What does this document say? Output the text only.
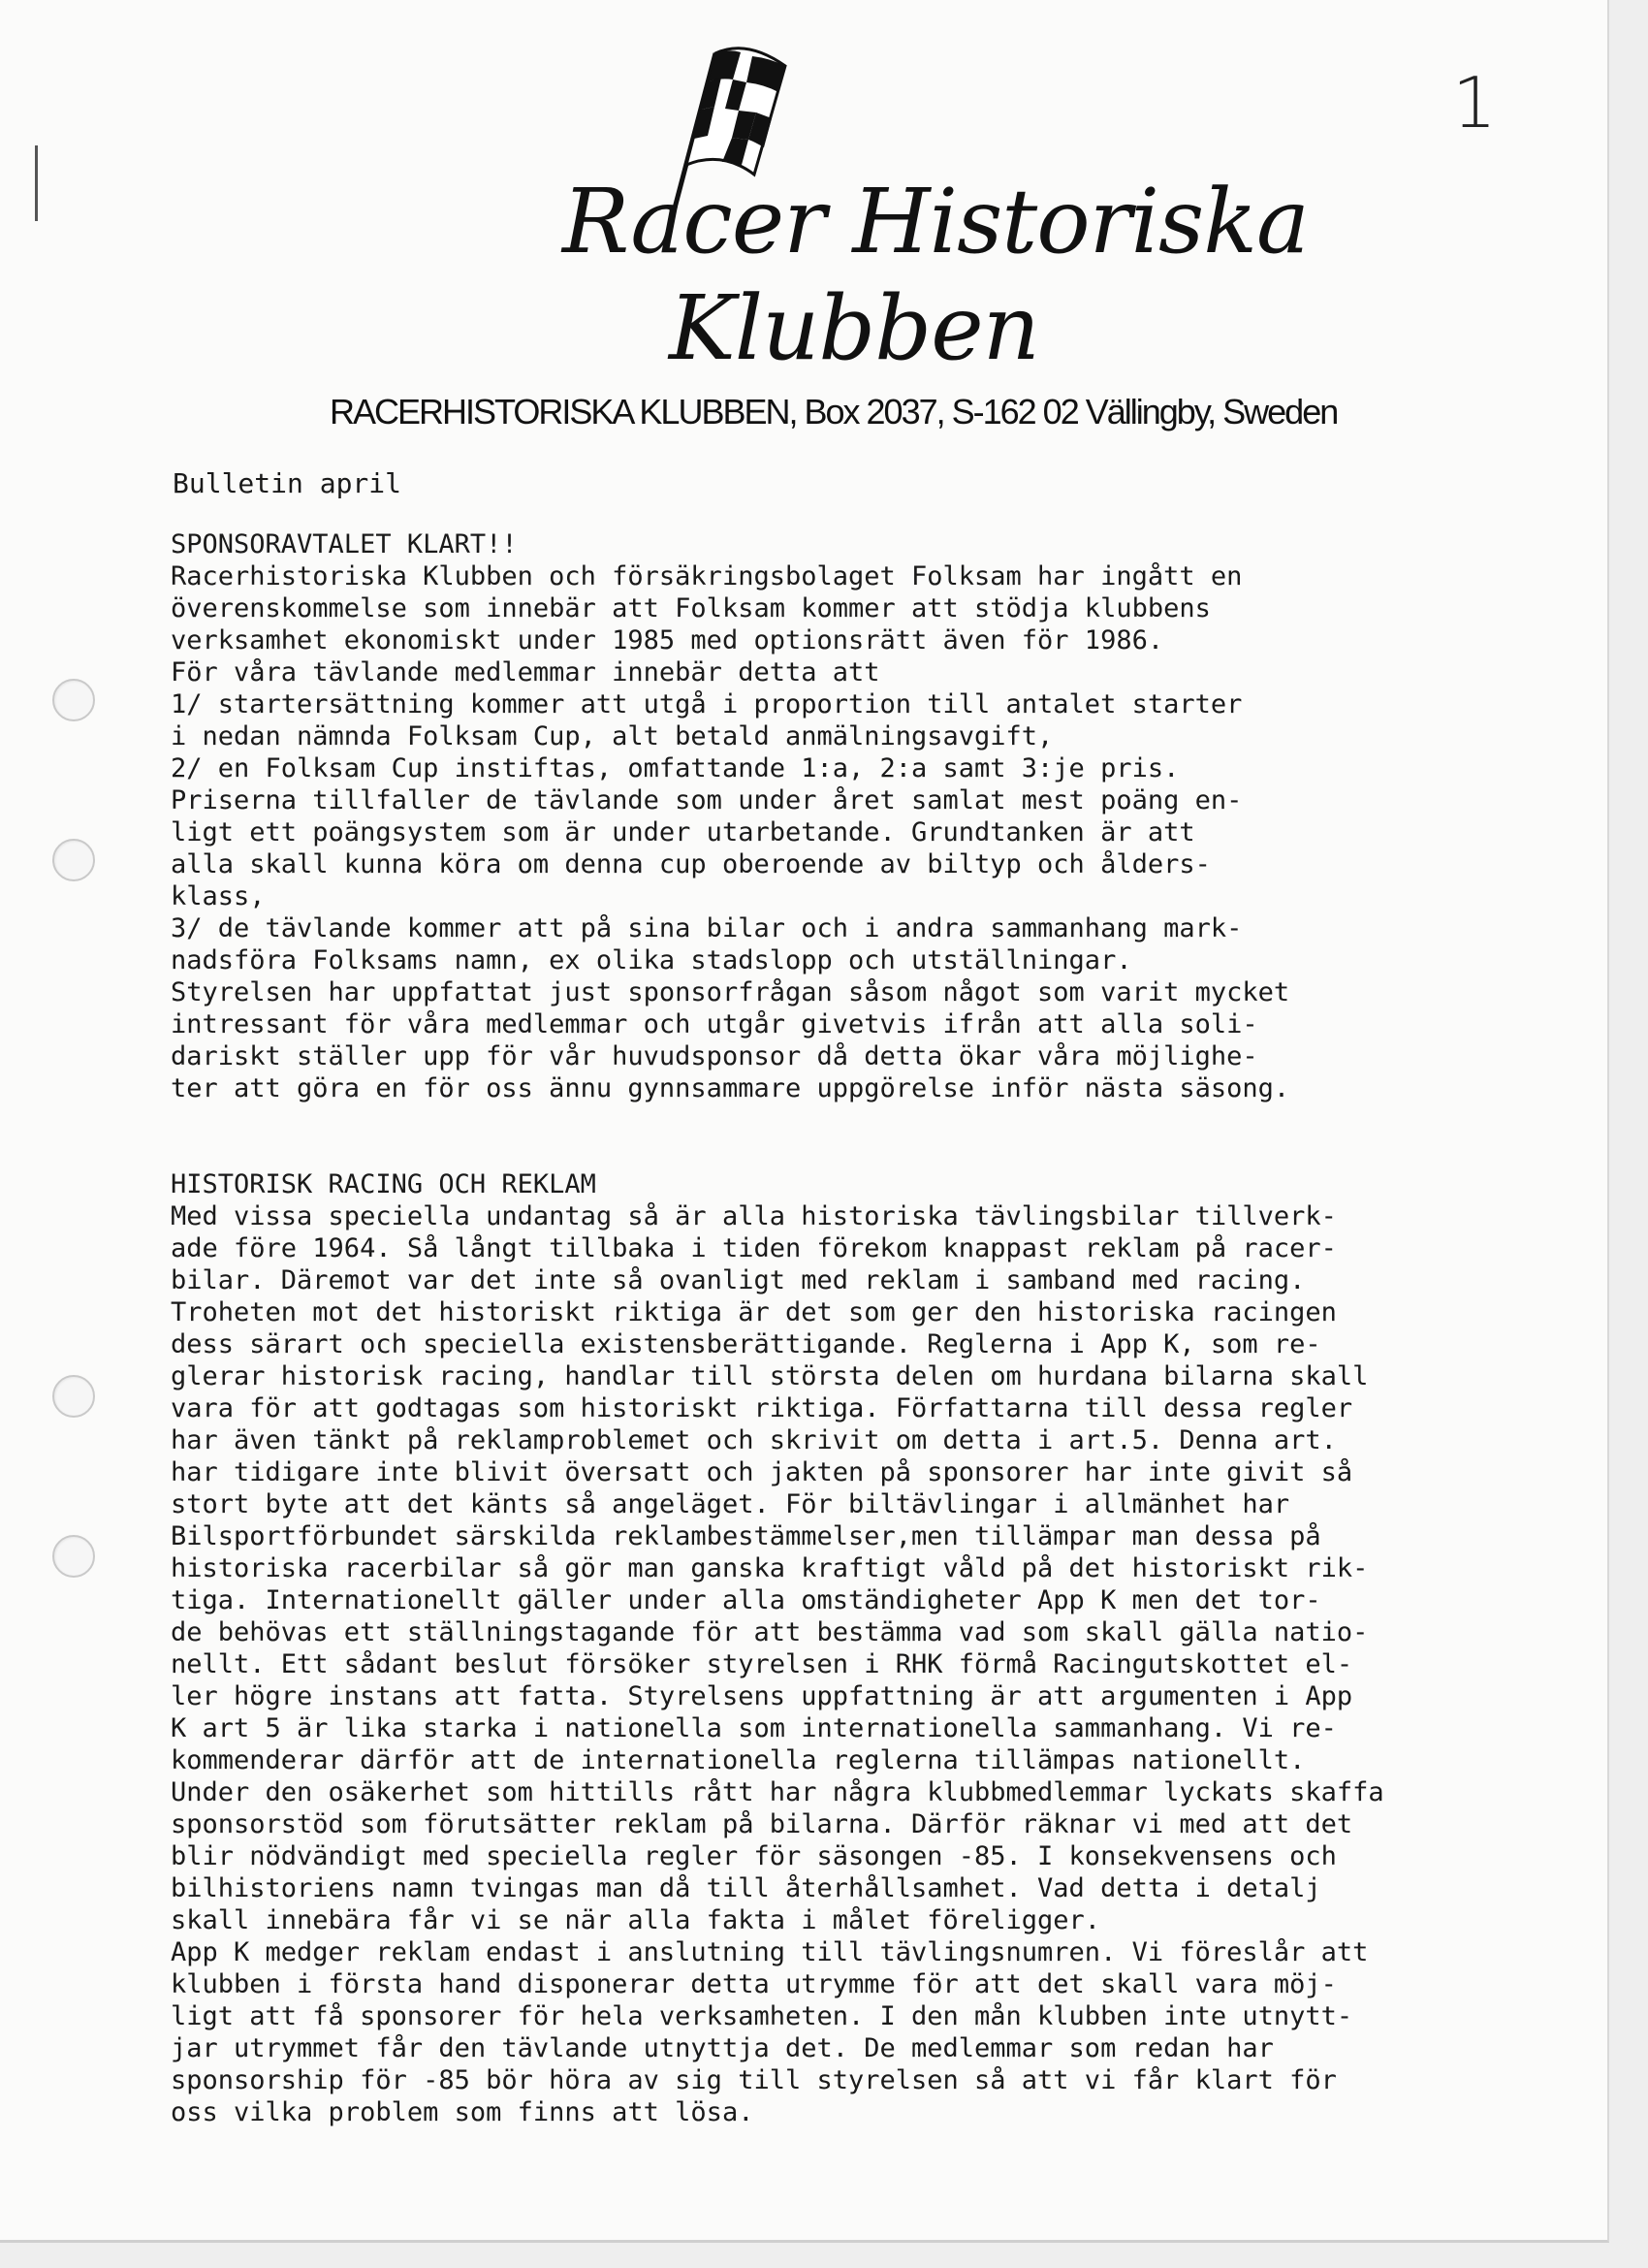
1
Racer Historiska
Klubben
RACERHISTORISKA KLUBBEN, Box 2037, S-162 02 Vällingby, Sweden
Bulletin april
SPONSORAVTALET KLART!!
Racerhistoriska Klubben och försäkringsbolaget Folksam har ingått en
överenskommelse som innebär att Folksam kommer att stödja klubbens
verksamhet ekonomiskt under 1985 med optionsrätt även för 1986.
För våra tävlande medlemmar innebär detta att
1/ startersättning kommer att utgå i proportion till antalet starter
i nedan nämnda Folksam Cup, alt betald anmälningsavgift,
2/ en Folksam Cup instiftas, omfattande 1:a, 2:a samt 3:je pris.
Priserna tillfaller de tävlande som under året samlat mest poäng en-
ligt ett poängsystem som är under utarbetande. Grundtanken är att
alla skall kunna köra om denna cup oberoende av biltyp och ålders-
klass,
3/ de tävlande kommer att på sina bilar och i andra sammanhang mark-
nadsföra Folksams namn, ex olika stadslopp och utställningar.
Styrelsen har uppfattat just sponsorfrågan såsom något som varit mycket
intressant för våra medlemmar och utgår givetvis ifrån att alla soli-
dariskt ställer upp för vår huvudsponsor då detta ökar våra möjlighe-
ter att göra en för oss ännu gynnsammare uppgörelse inför nästa säsong.
HISTORISK RACING OCH REKLAM
Med vissa speciella undantag så är alla historiska tävlingsbilar tillverk-
ade före 1964. Så långt tillbaka i tiden förekom knappast reklam på racer-
bilar. Däremot var det inte så ovanligt med reklam i samband med racing.
Troheten mot det historiskt riktiga är det som ger den historiska racingen
dess särart och speciella existensberättigande. Reglerna i App K, som re-
glerar historisk racing, handlar till största delen om hurdana bilarna skall
vara för att godtagas som historiskt riktiga. Författarna till dessa regler
har även tänkt på reklamproblemet och skrivit om detta i art.5. Denna art.
har tidigare inte blivit översatt och jakten på sponsorer har inte givit så
stort byte att det känts så angeläget. För biltävlingar i allmänhet har
Bilsportförbundet särskilda reklambestämmelser,men tillämpar man dessa på
historiska racerbilar så gör man ganska kraftigt våld på det historiskt rik-
tiga. Internationellt gäller under alla omständigheter App K men det tor-
de behövas ett ställningstagande för att bestämma vad som skall gälla natio-
nellt. Ett sådant beslut försöker styrelsen i RHK förmå Racingutskottet el-
ler högre instans att fatta. Styrelsens uppfattning är att argumenten i App
K art 5 är lika starka i nationella som internationella sammanhang. Vi re-
kommenderar därför att de internationella reglerna tillämpas nationellt.
Under den osäkerhet som hittills rått har några klubbmedlemmar lyckats skaffa
sponsorstöd som förutsätter reklam på bilarna. Därför räknar vi med att det
blir nödvändigt med speciella regler för säsongen -85. I konsekvensens och
bilhistoriens namn tvingas man då till återhållsamhet. Vad detta i detalj
skall innebära får vi se när alla fakta i målet föreligger.
App K medger reklam endast i anslutning till tävlingsnumren. Vi föreslår att
klubben i första hand disponerar detta utrymme för att det skall vara möj-
ligt att få sponsorer för hela verksamheten. I den mån klubben inte utnytt-
jar utrymmet får den tävlande utnyttja det. De medlemmar som redan har
sponsorship för -85 bör höra av sig till styrelsen så att vi får klart för
oss vilka problem som finns att lösa.
